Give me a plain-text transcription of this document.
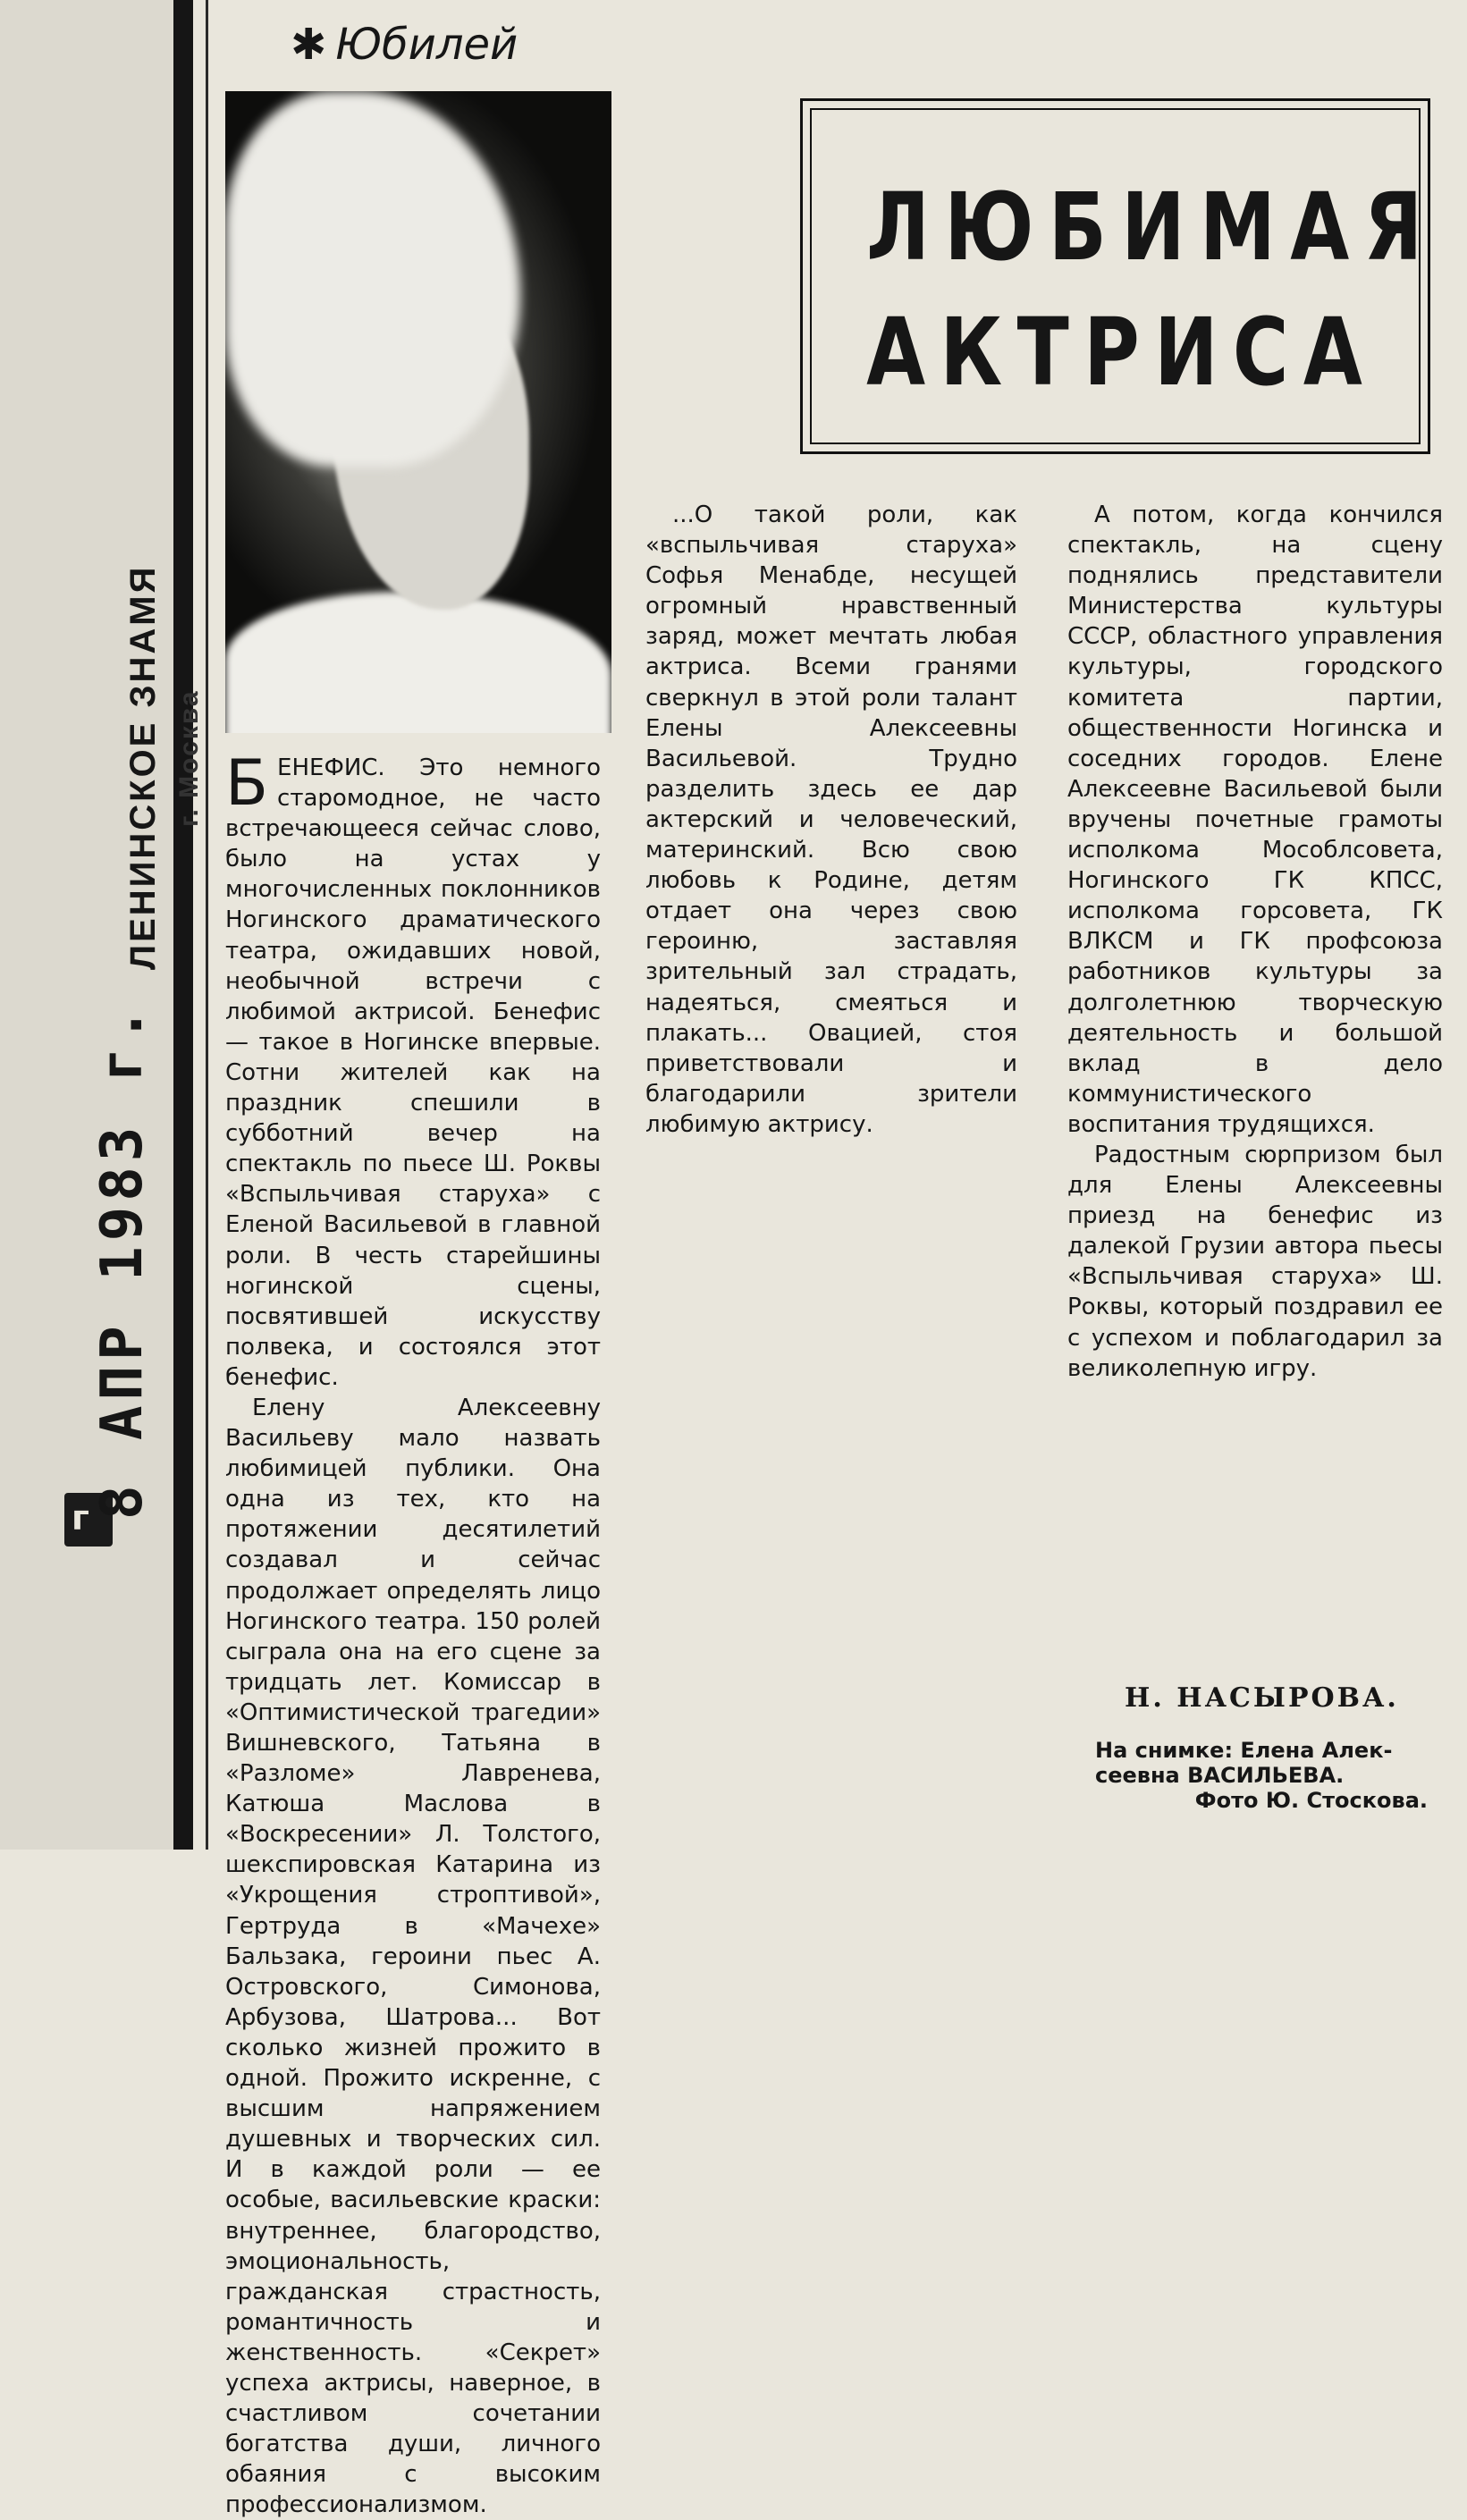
ЛЕНИНСКОЕ ЗНАМЯ г. Москва
г 8 АПР 1983 г.
✱ Юбилей
ЛЮБИМАЯ
АКТРИСА

БЕНЕФИС. Это немного старомодное, не часто встречающееся сейчас слово, было на устах у многочисленных поклонников Ногинского драматического театра, ожидавших новой, необычной встречи с любимой актрисой. Бенефис — такое в Ногинске впервые. Сотни жителей как на праздник спешили в субботний вечер на спектакль по пьесе Ш. Роквы «Вспыльчивая старуха» с Еленой Васильевой в главной роли. В честь старейшины ногинской сцены, посвятившей искусству полвека, и состоялся этот бенефис.

Елену Алексеевну Васильеву мало назвать любимицей публики. Она одна из тех, кто на протяжении десятилетий создавал и сейчас продолжает определять лицо Ногинского театра. 150 ролей сыграла она на его сцене за тридцать лет. Комиссар в «Оптимистической трагедии» Вишневского, Татьяна в «Разломе» Лавренева, Катюша Маслова в «Воскресении» Л. Толстого, шекспировская Катарина из «Укрощения строптивой», Гертруда в «Мачехе» Бальзака, героини пьес А. Островского, Симонова, Арбузова, Шатрова... Вот сколько жизней прожито в одной. Прожито искренне, с высшим напряжением душевных и творческих сил. И в каждой роли — ее особые, васильевские краски: внутреннее, благородство, эмоциональность, гражданская страстность, романтичность и женственность. «Секрет» успеха актрисы, наверное, в счастливом сочетании богатства души, личного обаяния с высоким профессионализмом.

...О такой роли, как «вспыльчивая старуха» Софья Менабде, несущей огромный нравственный заряд, может мечтать любая актриса. Всеми гранями сверкнул в этой роли талант Елены Алексеевны Васильевой. Трудно разделить здесь ее дар актерский и человеческий, материнский. Всю свою любовь к Родине, детям отдает она через свою героиню, заставляя зрительный зал страдать, надеяться, смеяться и плакать... Овацией, стоя приветствовали и благодарили зрители любимую актрису.

А потом, когда кончился спектакль, на сцену поднялись представители Министерства культуры СССР, областного управления культуры, городского комитета партии, общественности Ногинска и соседних городов. Елене Алексеевне Васильевой были вручены почетные грамоты исполкома Мособлсовета, Ногинского ГК КПСС, исполкома горсовета, ГК ВЛКСМ и ГК профсоюза работников культуры за долголетнюю творческую деятельность и большой вклад в дело коммунистического воспитания трудящихся.

Радостным сюрпризом был для Елены Алексеевны приезд на бенефис из далекой Грузии автора пьесы «Вспыльчивая старуха» Ш. Роквы, который поздравил ее с успехом и поблагодарил за великолепную игру.

Н. НАСЫРОВА.
На снимке: Елена Алек-
сеевна ВАСИЛЬЕВА.
Фото Ю. Стоскова.
